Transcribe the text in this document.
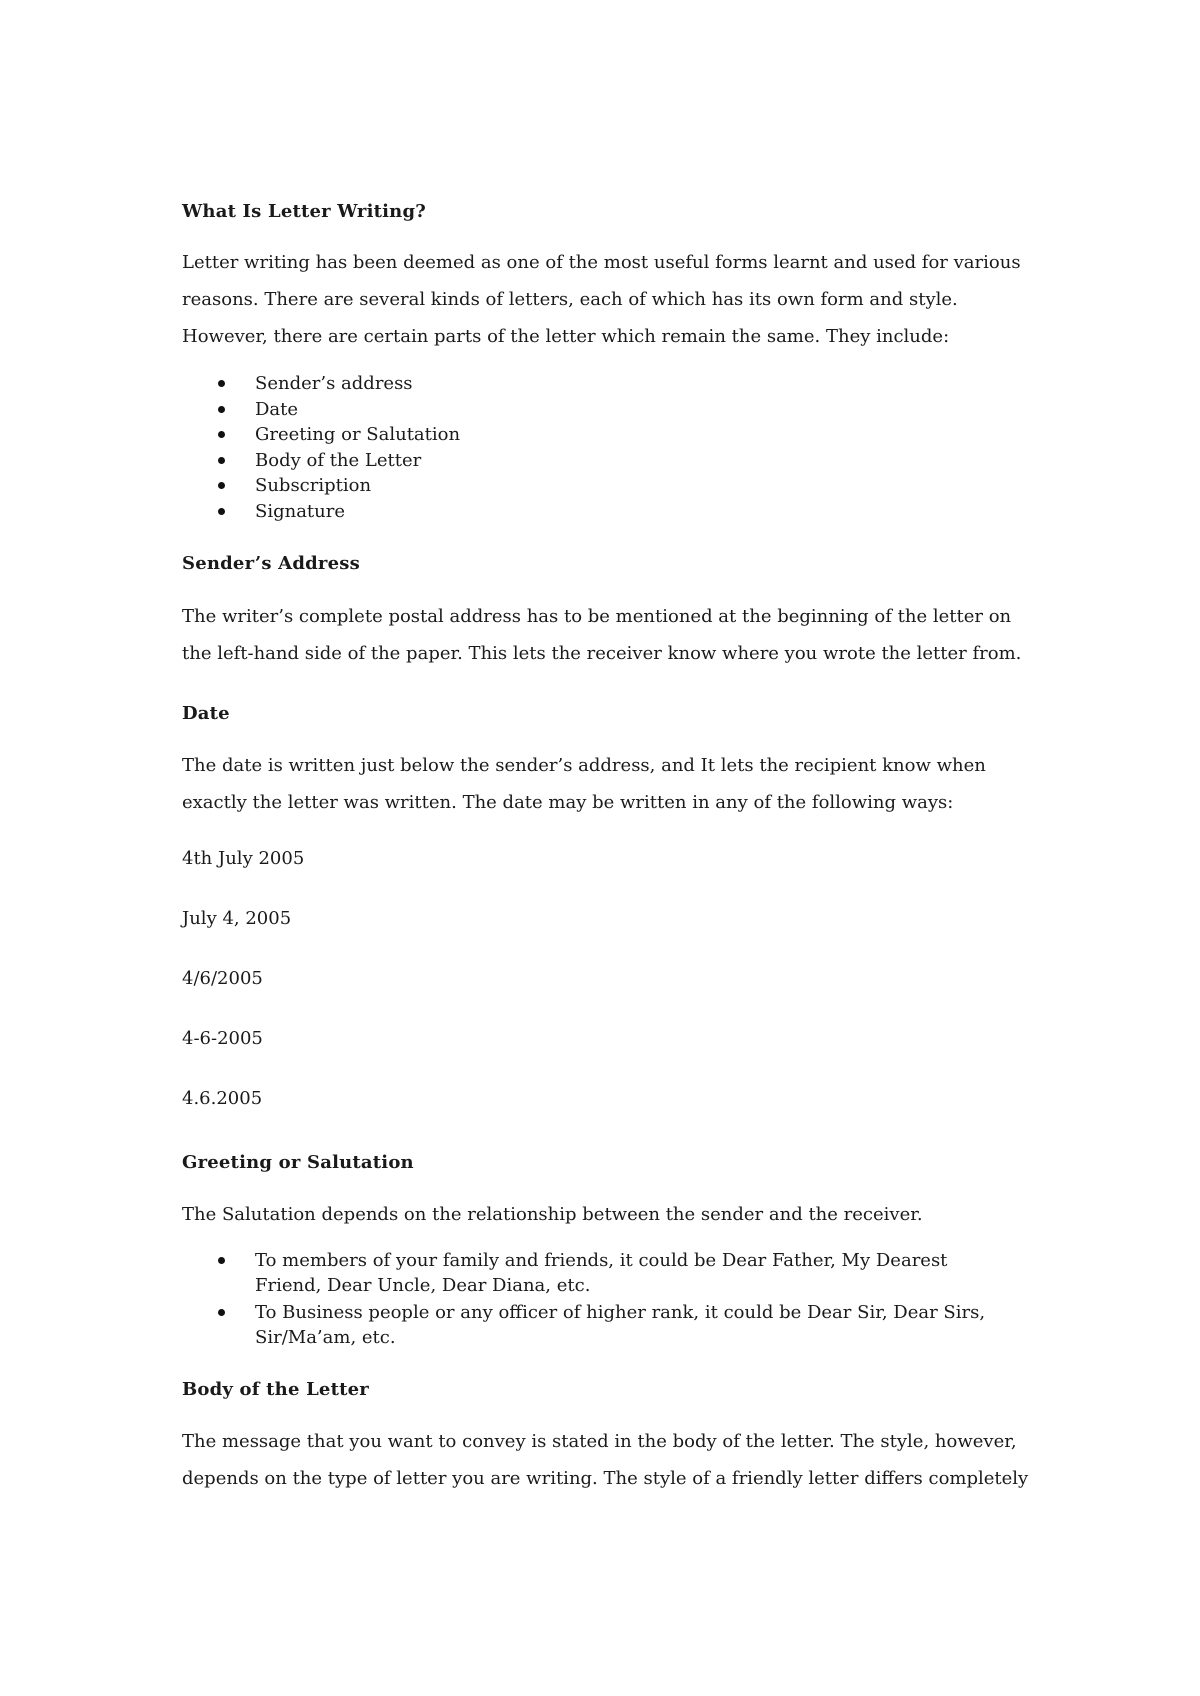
What Is Letter Writing?

Letter writing has been deemed as one of the most useful forms learnt and used for various reasons. There are several kinds of letters, each of which has its own form and style. However, there are certain parts of the letter which remain the same. They include:

Sender’s address
Date
Greeting or Salutation
Body of the Letter
Subscription
Signature
Sender’s Address

The writer’s complete postal address has to be mentioned at the beginning of the letter on the left-hand side of the paper. This lets the receiver know where you wrote the letter from.

Date

The date is written just below the sender’s address, and It lets the recipient know when exactly the letter was written. The date may be written in any of the following ways:

4th July 2005

July 4, 2005

4/6/2005

4-6-2005

4.6.2005

Greeting or Salutation

The Salutation depends on the relationship between the sender and the receiver.

To members of your family and friends, it could be Dear Father, My Dearest Friend, Dear Uncle, Dear Diana, etc.
To Business people or any officer of higher rank, it could be Dear Sir, Dear Sirs, Sir/Ma’am, etc.
Body of the Letter

The message that you want to convey is stated in the body of the letter. The style, however, depends on the type of letter you are writing. The style of a friendly letter differs completely
